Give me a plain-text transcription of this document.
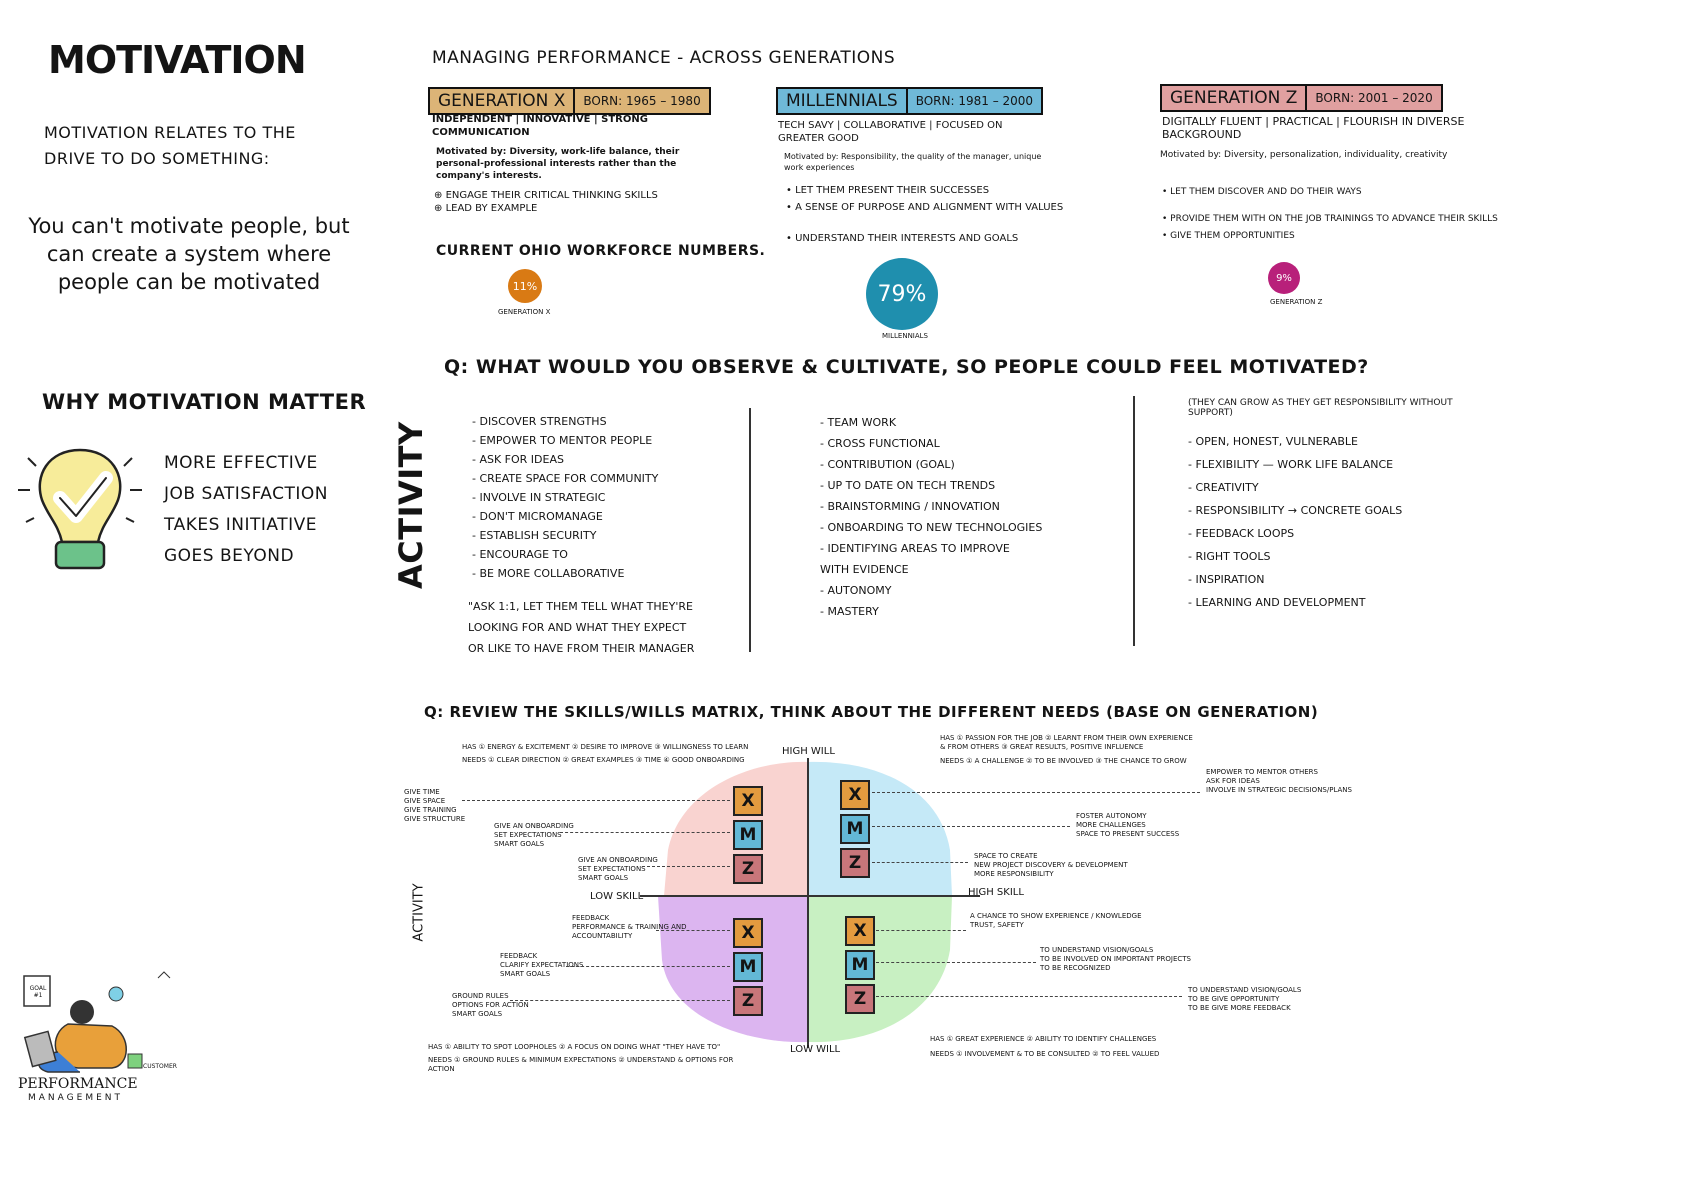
MOTIVATION
MOTIVATION RELATES TO THE DRIVE TO DO SOMETHING:
You can't motivate people, but
can create a system where
people can be motivated
WHY MOTIVATION MATTER
MORE EFFECTIVE
JOB SATISFACTION
TAKES INITIATIVE
GOES BEYOND	ACTIVITY
GOAL #1
CUSTOMER
PERFORMANCE
MANAGEMENT
MANAGING PERFORMANCE - ACROSS GENERATIONS
GENERATION X	BORN: 1965 – 1980
INDEPENDENT | INNOVATIVE | STRONG COMMUNICATION
Motivated by: Diversity, work-life balance, their personal-professional interests rather than the company's interests.
⊕ ENGAGE THEIR CRITICAL THINKING SKILLS
⊕ LEAD BY EXAMPLE
MILLENNIALS	BORN: 1981 – 2000
TECH SAVY | COLLABORATIVE | FOCUSED ON GREATER GOOD
Motivated by: Responsibility, the quality of the manager, unique work experiences
• LET THEM PRESENT THEIR SUCCESSES
• A SENSE OF PURPOSE AND ALIGNMENT WITH VALUES
• UNDERSTAND THEIR INTERESTS AND GOALS
GENERATION Z	BORN: 2001 – 2020
DIGITALLY FLUENT | PRACTICAL | FLOURISH IN DIVERSE BACKGROUND
Motivated by: Diversity, personalization, individuality, creativity
• LET THEM DISCOVER AND DO THEIR WAYS
• PROVIDE THEM WITH ON THE JOB TRAININGS TO ADVANCE THEIR SKILLS
• GIVE THEM OPPORTUNITIES
CURRENT OHIO WORKFORCE NUMBERS.
11%
GENERATION X
79%
MILLENNIALS
9%
GENERATION Z
Q: WHAT WOULD YOU OBSERVE & CULTIVATE, SO PEOPLE COULD FEEL MOTIVATED?
- DISCOVER STRENGTHS
- EMPOWER TO MENTOR PEOPLE
- ASK FOR IDEAS
- CREATE SPACE FOR COMMUNITY
- INVOLVE IN STRATEGIC
- DON'T MICROMANAGE
- ESTABLISH SECURITY
- ENCOURAGE TO
- BE MORE COLLABORATIVE
"ASK 1:1, LET THEM TELL WHAT THEY'RE
LOOKING FOR AND WHAT THEY EXPECT
OR LIKE TO HAVE FROM THEIR MANAGER
- TEAM WORK
- CROSS FUNCTIONAL
- CONTRIBUTION (GOAL)
- UP TO DATE ON TECH TRENDS
- BRAINSTORMING / INNOVATION
- ONBOARDING TO NEW TECHNOLOGIES
- IDENTIFYING AREAS TO IMPROVE WITH EVIDENCE
- AUTONOMY
- MASTERY
(THEY CAN GROW AS THEY GET RESPONSIBILITY WITHOUT SUPPORT)
- OPEN, HONEST, VULNERABLE
- FLEXIBILITY — WORK LIFE BALANCE
- CREATIVITY
- RESPONSIBILITY → CONCRETE GOALS
- FEEDBACK LOOPS
- RIGHT TOOLS
- INSPIRATION
- LEARNING AND DEVELOPMENT
Q: REVIEW THE SKILLS/WILLS MATRIX, THINK ABOUT THE DIFFERENT NEEDS (BASE ON GENERATION)
HIGH WILL
LOW WILL
LOW SKILL	HIGH SKILL
ACTIVITY
X
M
Z
X
M
Z
X
M
Z
X
M
Z
HAS ① ENERGY & EXCITEMENT ② DESIRE TO IMPROVE ③ WILLINGNESS TO LEARN
NEEDS ① CLEAR DIRECTION ② GREAT EXAMPLES ③ TIME ④ GOOD ONBOARDING
HAS ① PASSION FOR THE JOB ② LEARNT FROM THEIR OWN EXPERIENCE & FROM OTHERS ③ GREAT RESULTS, POSITIVE INFLUENCE
NEEDS ① A CHALLENGE ② TO BE INVOLVED ③ THE CHANCE TO GROW
HAS ① ABILITY TO SPOT LOOPHOLES ② A FOCUS ON DOING WHAT "THEY HAVE TO"
NEEDS ① GROUND RULES & MINIMUM EXPECTATIONS ② UNDERSTAND & OPTIONS FOR ACTION
HAS ① GREAT EXPERIENCE ② ABILITY TO IDENTIFY CHALLENGES
NEEDS ① INVOLVEMENT & TO BE CONSULTED ② TO FEEL VALUED
GIVE TIME
GIVE SPACE
GIVE TRAINING
GIVE STRUCTURE
GIVE AN ONBOARDING
SET EXPECTATIONS
SMART GOALS
GIVE AN ONBOARDING
SET EXPECTATIONS
SMART GOALS
EMPOWER TO MENTOR OTHERS
ASK FOR IDEAS
INVOLVE IN STRATEGIC DECISIONS/PLANS
FOSTER AUTONOMY
MORE CHALLENGES
SPACE TO PRESENT SUCCESS
SPACE TO CREATE
NEW PROJECT DISCOVERY & DEVELOPMENT
MORE RESPONSIBILITY
FEEDBACK
PERFORMANCE & TRAINING AND
ACCOUNTABILITY
FEEDBACK
CLARIFY EXPECTATIONS
SMART GOALS
GROUND RULES
OPTIONS FOR ACTION
SMART GOALS
A CHANCE TO SHOW EXPERIENCE / KNOWLEDGE
TRUST, SAFETY
TO UNDERSTAND VISION/GOALS
TO BE INVOLVED ON IMPORTANT PROJECTS
TO BE RECOGNIZED
TO UNDERSTAND VISION/GOALS
TO BE GIVE OPPORTUNITY
TO BE GIVE MORE FEEDBACK
